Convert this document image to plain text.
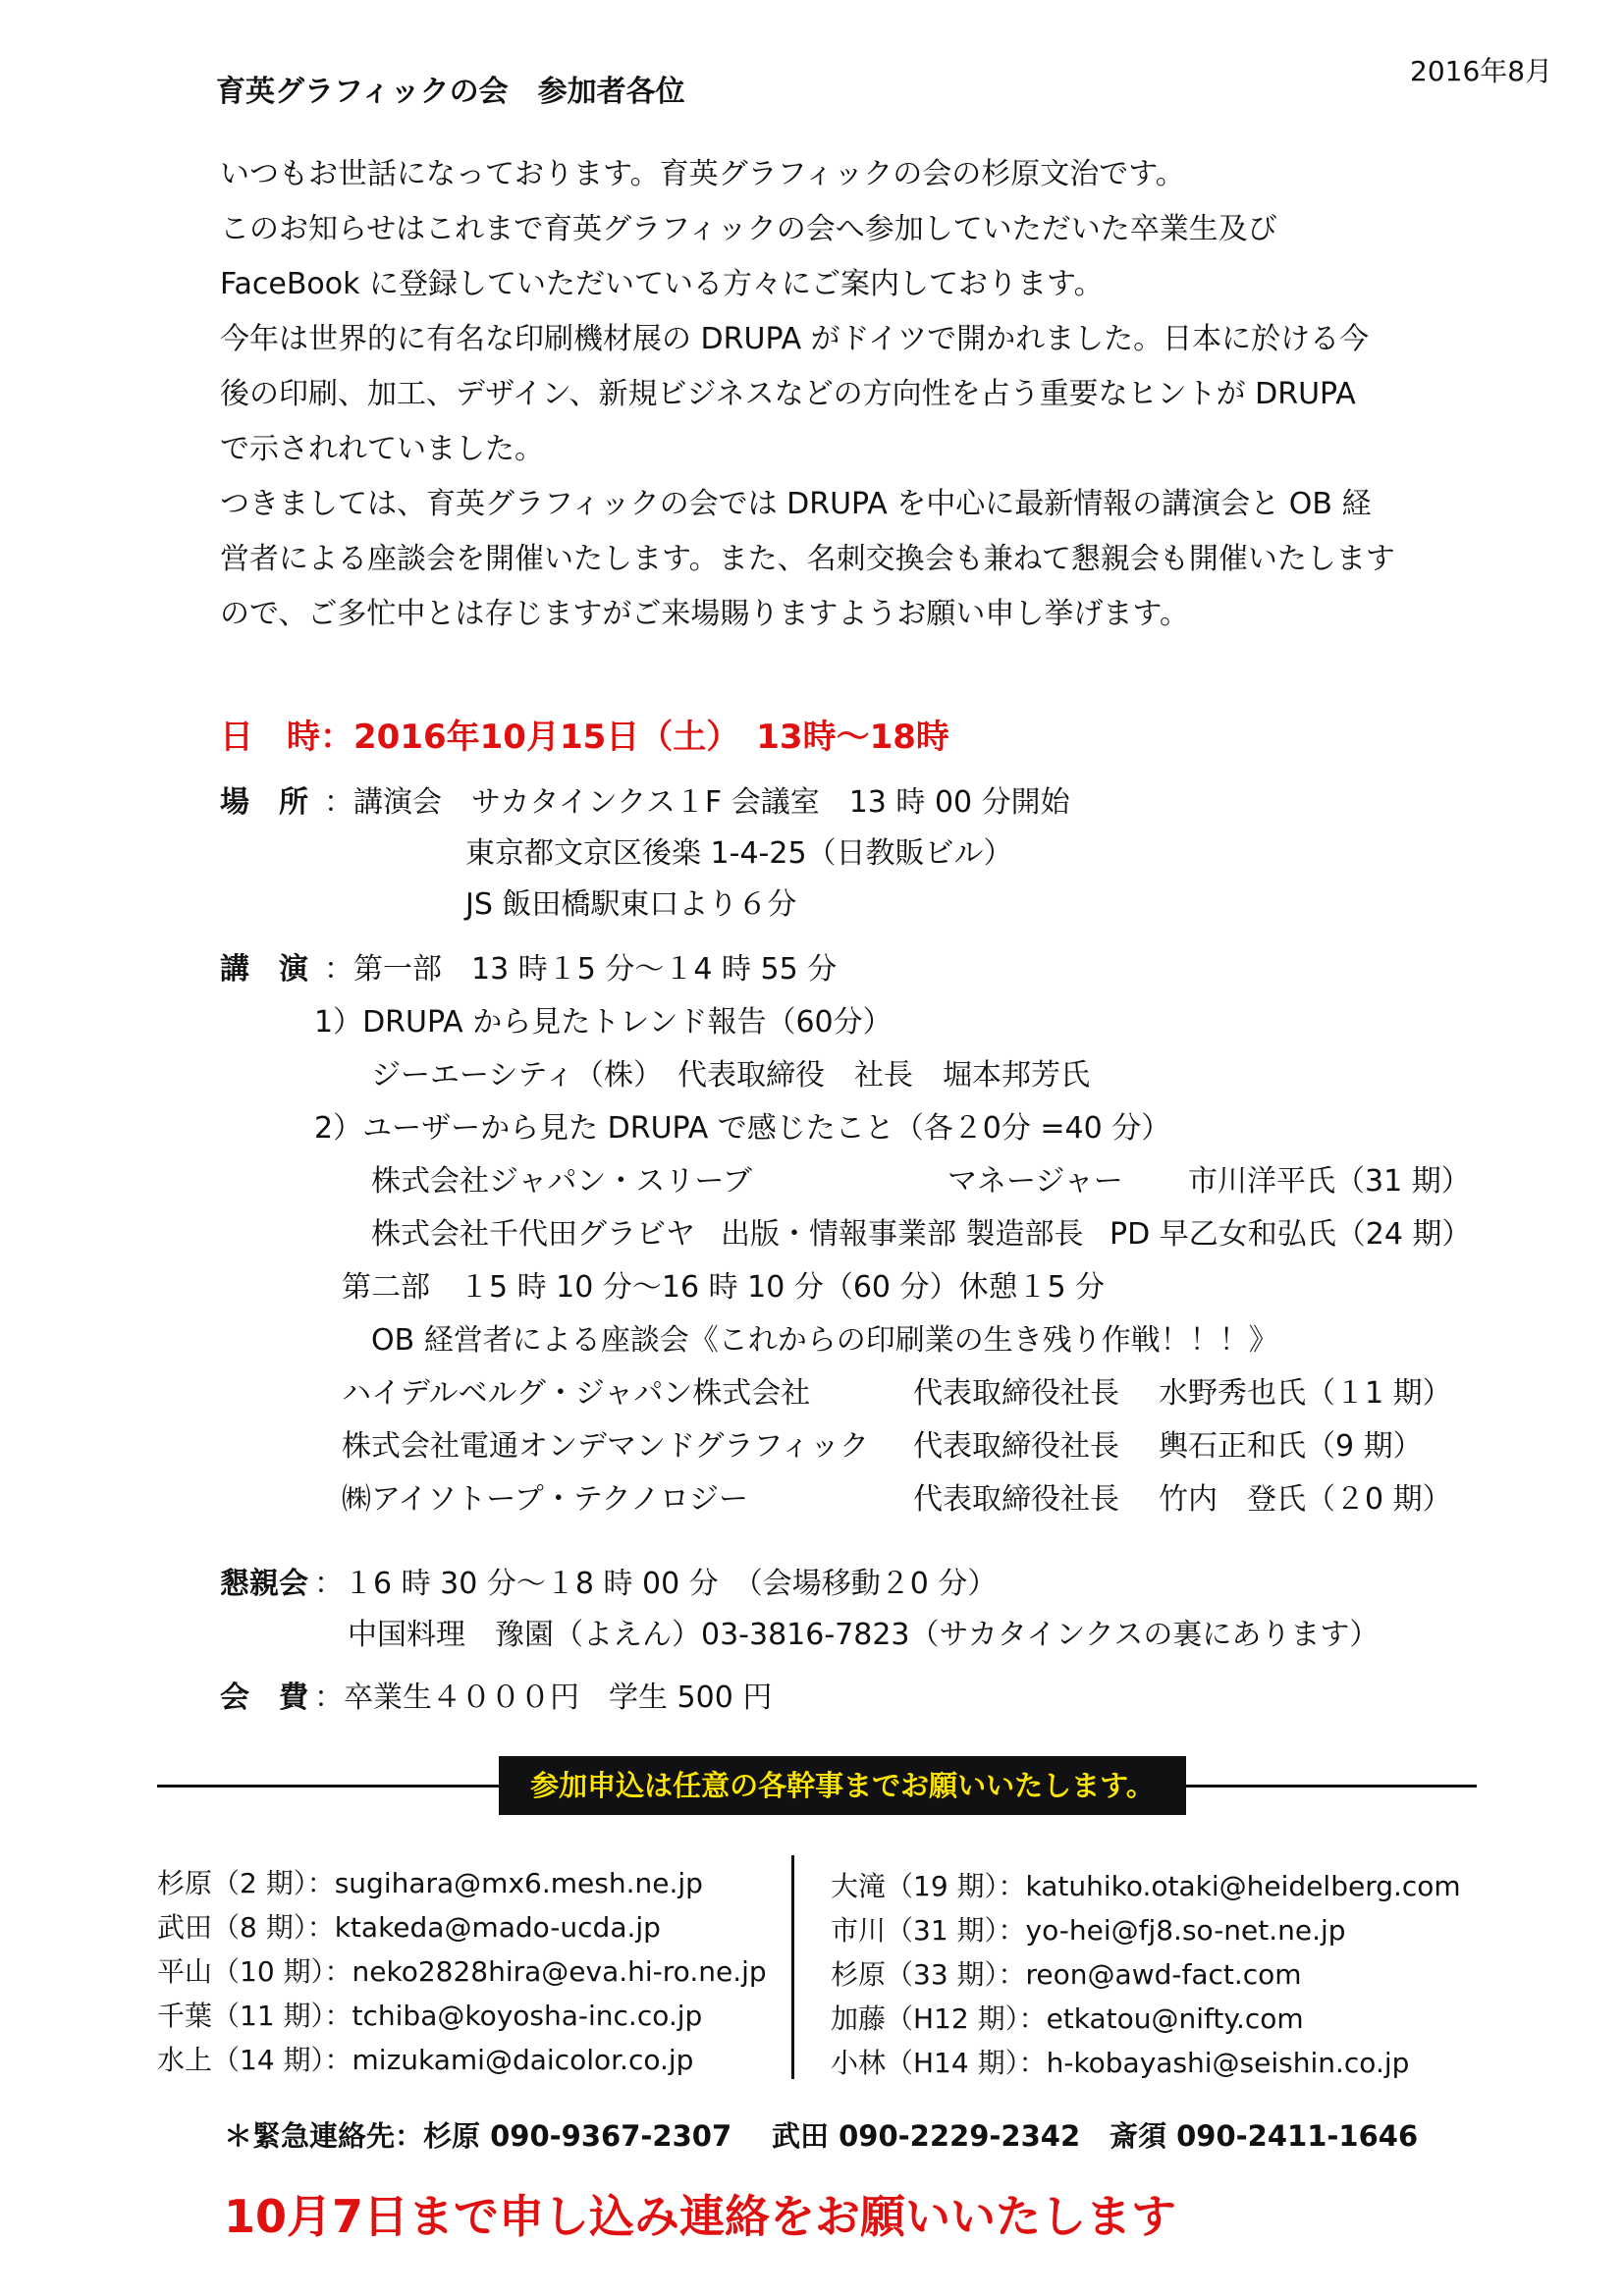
2016年8月
育英グラフィックの会　参加者各位
いつもお世話になっております。育英グラフィックの会の杉原文治です。
このお知らせはこれまで育英グラフィックの会へ参加していただいた卒業生及び
FaceBook に登録していただいている方々にご案内しております。
今年は世界的に有名な印刷機材展の DRUPA がドイツで開かれました。日本に於ける今
後の印刷、加工、デザイン、新規ビジネスなどの方向性を占う重要なヒントが DRUPA
で示されれていました。
つきましては、育英グラフィックの会では DRUPA を中心に最新情報の講演会と OB 経
営者による座談会を開催いたします。また、名刺交換会も兼ねて懇親会も開催いたします
ので、ご多忙中とは存じますがご来場賜りますようお願い申し挙げます。
日　時：2016年10月15日（土）　13時～18時
場　所 ：講演会　サカタインクス１F 会議室　13 時 00 分開始
東京都文京区後楽 1-4-25（日教販ビル）
JS 飯田橋駅東口より６分
講　演 ：第一部　13 時１5 分～１4 時 55 分
1）DRUPA から見たトレンド報告（60分）
ジーエーシティ（株）　代表取締役　社長　堀本邦芳氏
2）ユーザーから見た DRUPA で感じたこと（各２0分 =40 分）
株式会社ジャパン・スリーブ	マネージャー 市川洋平氏（31 期）
株式会社千代田グラビヤ 出版・情報事業部 製造部長 PD 早乙女和弘氏（24 期）
第二部　１5 時 10 分～16 時 10 分（60 分）休憩１5 分
OB 経営者による座談会《これからの印刷業の生き残り作戦！！！》
ハイデルベルグ・ジャパン株式会社	代表取締役社長 水野秀也氏（１1 期）
株式会社電通オンデマンドグラフィック 代表取締役社長 輿石正和氏（9 期）
㈱アイソトープ・テクノロジー	代表取締役社長 竹内　登氏（２0 期）
懇親会 ：１6 時 30 分～１8 時 00 分　（会場移動２0 分）
中国料理　豫園（よえん）03-3816-7823（サカタインクスの裏にあります）
会　費 ：卒業生４０００円　学生 500 円
参加申込は任意の各幹事までお願いいたします。
杉原（2 期）：sugihara@mx6.mesh.ne.jp
武田（8 期）：ktakeda@mado-ucda.jp
平山（10 期）：neko2828hira@eva.hi-ro.ne.jp
千葉（11 期）：tchiba@koyosha-inc.co.jp
水上（14 期）：mizukami@daicolor.co.jp
大滝（19 期）：katuhiko.otaki@heidelberg.com
市川（31 期）：yo-hei@fj8.so-net.ne.jp
杉原（33 期）：reon@awd-fact.com
加藤（H12 期）：etkatou@nifty.com
小林（H14 期）：h-kobayashi@seishin.co.jp
＊緊急連絡先：杉原 090-9367-2307 武田 090-2229-2342 斎須 090-2411-1646
10月7日まで申し込み連絡をお願いいたします
